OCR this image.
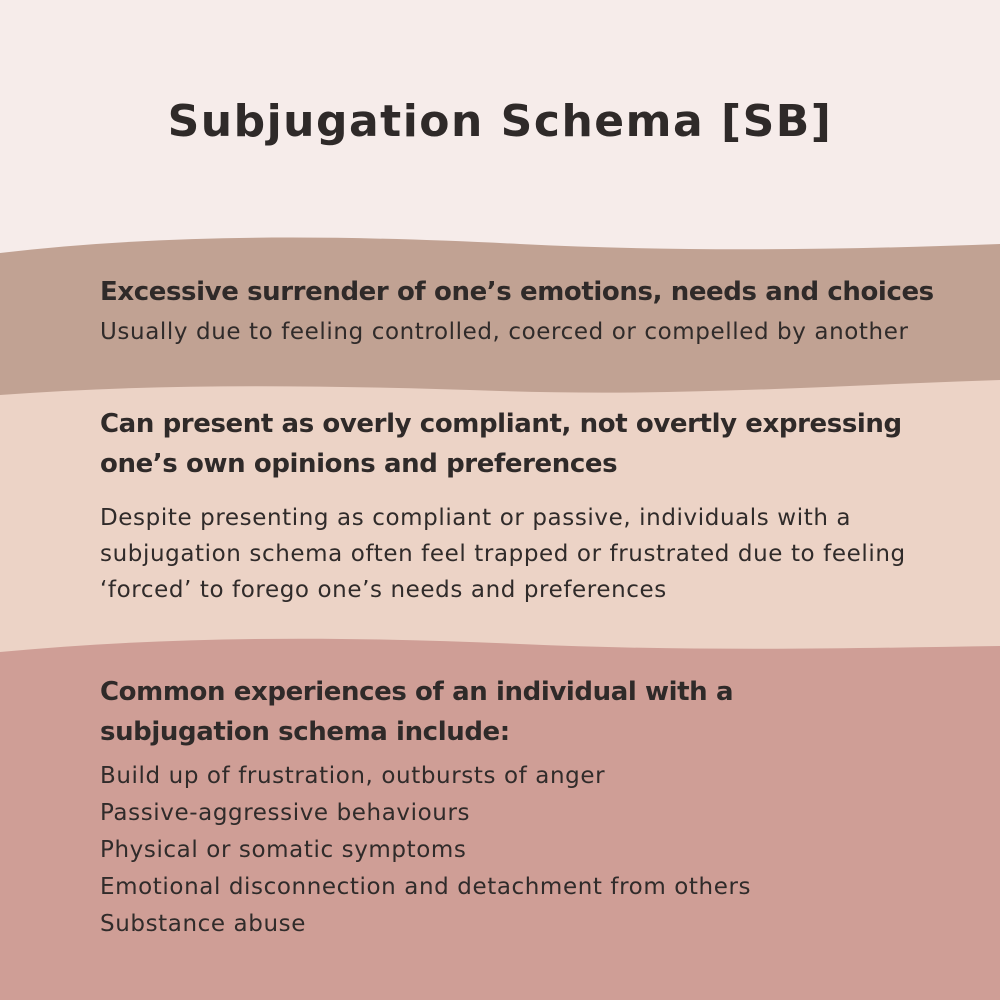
Subjugation Schema [SB]
Excessive surrender of one’s emotions, needs and choices
Usually due to feeling controlled, coerced or compelled by another
Can present as overly compliant, not overtly expressing
one’s own opinions and preferences
Despite presenting as compliant or passive, individuals with a
subjugation schema often feel trapped or frustrated due to feeling
‘forced’ to forego one’s needs and preferences
Common experiences of an individual with a
subjugation schema include:
Build up of frustration, outbursts of anger
Passive-aggressive behaviours
Physical or somatic symptoms
Emotional disconnection and detachment from others
Substance abuse
